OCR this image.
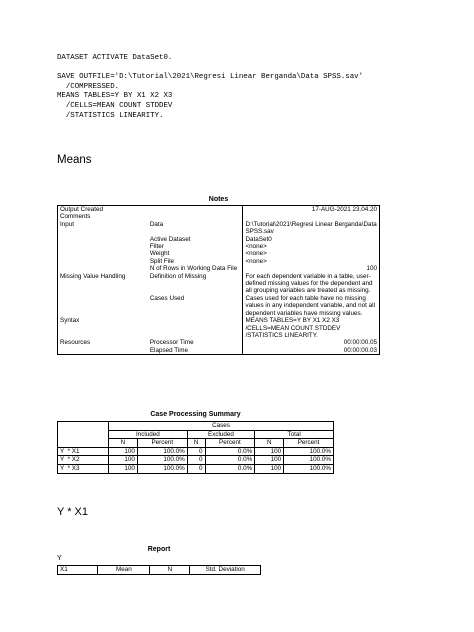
DATASET ACTIVATE DataSet0.
SAVE OUTFILE='D:\Tutorial\2021\Regresi Linear Berganda\Data SPSS.sav'
/COMPRESSED.
MEANS TABLES=Y BY X1 X2 X3
/CELLS=MEAN COUNT STDDEV
/STATISTICS LINEARITY.
Means
Notes
Output Created		17-AUG-2021 23.04.20
Comments		
Input	Data	D:\Tutorial\2021\Regresi Linear Berganda\Data SPSS.sav
	Active Dataset	DataSet0
	Filter	<none>
	Weight	<none>
	Split File	<none>
	N of Rows in Working Data File	100
Missing Value Handling	Definition of Missing	For each dependent variable in a table, user-defined missing values for the dependent and all grouping variables are treated as missing.
	Cases Used	Cases used for each table have no missing values in any independent variable, and not all dependent variables have missing values.
Syntax		MEANS TABLES=Y BY X1 X2 X3
/CELLS=MEAN COUNT STDDEV
/STATISTICS LINEARITY.
Resources	Processor Time	00:00:00.05
	Elapsed Time	00:00:00.03
Case Processing Summary
	Cases					
	Included		Excluded		Total	
	N	Percent	N	Percent	N	Percent
Y  * X1	100	100.0%	0	0.0%	100	100.0%
Y  * X2	100	100.0%	0	0.0%	100	100.0%
Y  * X3	100	100.0%	0	0.0%	100	100.0%
Y * X1
Report
Y
X1	Mean	N	Std. Deviation
